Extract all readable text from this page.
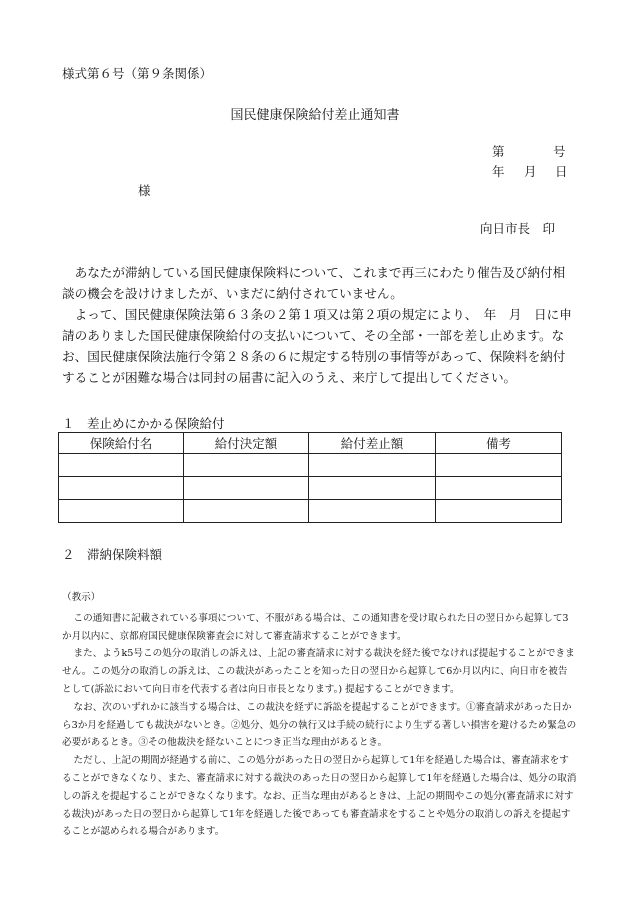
様式第６号（第９条関係）
国民健康保険給付差止通知書
第	号
年 月 日
様
向日市長　印

あなたが滞納している国民健康保険料について、これまで再三にわたり催告及び納付相談の機会を設けけましたが、いまだに納付されていません。

よって、国民健康保険法第６３条の２第１項又は第２項の規定により、　年　月　日に申請のありました国民健康保険給付の支払いについて、その全部・一部を差し止めます。なお、国民健康保険法施行令第２８条の６に規定する特別の事情等があって、保険料を納付することが困難な場合は同封の届書に記入のうえ、来庁して提出してください。

１　差止めにかかる保険給付
保険給付名	給付決定額	給付差止額	備考

２　滞納保険料額
（教示）

この通知書に記載されている事項について、不服がある場合は、この通知書を受け取られた日の翌日から起算して3か月以内に、京都府国民健康保険審査会に対して審査請求することができます。

また、ようk5号この処分の取消しの訴えは、上記の審査請求に対する裁決を経た後でなければ提起することができません。この処分の取消しの訴えは、この裁決があったことを知った日の翌日から起算して6か月以内に、向日市を被告として(訴訟において向日市を代表する者は向日市長となります。) 提起することができます。

なお、次のいずれかに該当する場合は、この裁決を経ずに訴訟を提起することができます。①審査請求があった日から3か月を経過しても裁決がないとき。②処分、処分の執行又は手続の続行により生ずる著しい損害を避けるため緊急の必要があるとき。③その他裁決を経ないことにつき正当な理由があるとき。

ただし、上記の期間が経過する前に、この処分があった日の翌日から起算して1年を経過した場合は、審査請求をすることができなくなり、また、審査請求に対する裁決のあった日の翌日から起算して1年を経過した場合は、処分の取消しの訴えを提起することができなくなります。なお、正当な理由があるときは、上記の期間やこの処分(審査請求に対する裁決)があった日の翌日から起算して1年を経過した後であっても審査請求をすることや処分の取消しの訴えを提起することが認められる場合があります。
